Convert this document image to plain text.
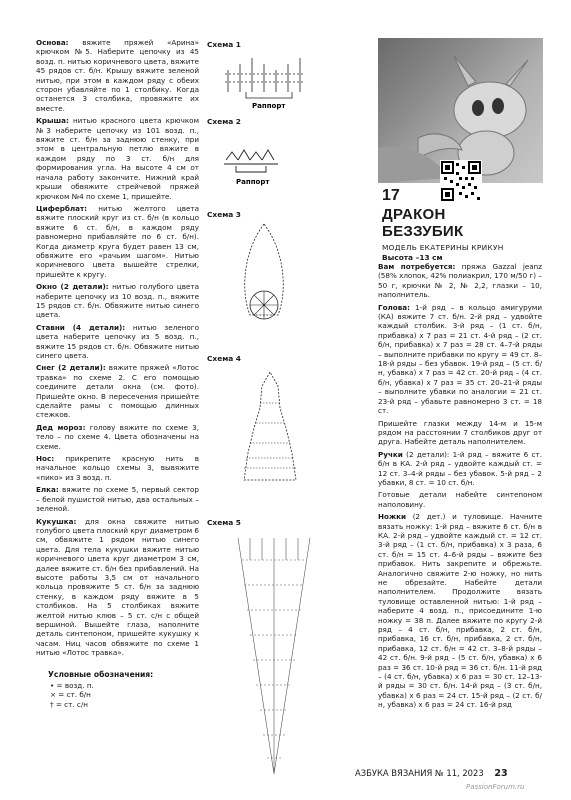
Основа: вяжите пряжей «Арина» крючком №5. Наберите цепочку из 45 возд. п. нитью коричневого цвета, вяжите 45 рядов ст. б/н. Крышу вяжите зеленой нитью, при этом в каждом ряду с обеих сторон убавляйте по 1 столбику. Когда останется 3 столбика, провяжите их вместе.
Крыша: нитью красного цвета крючком №3 наберите цепочку из 101 возд. п., вяжите ст. б/н за заднюю стенку, при этом в центральную петлю вяжите в каждом ряду по 3 ст. б/н для формирования угла. На высоте 4 см от начала работу закончите. Нижний край крыши обвяжите стрейчевой пряжей крючком №4 по схеме 1, пришейте.
Циферблат: нитью желтого цвета вяжите плоский круг из ст. б/н (в кольцо вяжите 6 ст. б/н, в каждом ряду равномерно прибавляйте по 6 ст. б/н). Когда диаметр круга будет равен 13 см, обвяжите его «рачьим шагом». Нитью коричневого цвета вышейте стрелки, пришейте к кругу.
Окно (2 детали): нитью голубого цвета наберите цепочку из 10 возд. п., вяжите 15 рядов ст. б/н. Обвяжите нитью синего цвета.
Ставни (4 детали): нитью зеленого цвета наберите цепочку из 5 возд. п., вяжите 15 рядов ст. б/н. Обвяжите нитью синего цвета.
Снег (2 детали): вяжите пряжей «Лотос травка» по схеме 2. С его помощью соедините детали окна (см. фото). Пришейте окно. В пересечения пришейте сделайте рамы с помощью длинных стежков.
Дед мороз: голову вяжите по схеме 3, тело – по схеме 4. Цвета обозначены на схеме.
Нос: прикрепите красную нить в начальное кольцо схемы 3, вывяжите «пико» из 3 возд. п.
Елка: вяжите по схеме 5, первый сектор – белой пушистой нитью, два остальных – зеленой.
Кукушка: для окна свяжите нитью голубого цвета плоский круг диаметром 6 см, обвяжите 1 рядом нитью синего цвета. Для тела кукушки вяжите нитью коричневого цвета круг диаметром 3 см, далее вяжите ст. б/н без прибавлений. На высоте работы 3,5 см от начального кольца провяжите 5 ст. б/н за заднюю стенку, в каждом ряду вяжите в 5 столбиков. На 5 столбиках вяжите желтой нитью клюв – 5 ст. с/н с общей вершиной. Вышейте глаза, наполните деталь синтепоном, пришейте кукушку к часам. Ниц часов обвяжите по схеме 1 нитью «Лотос травка».
Условные обозначения:
• = возд. п.
× = ст. б/н
† = ст. с/н
Схема 1
Схема 2
Схема 3
Схема 4
Схема 5
Раппорт
Раппорт
17
ДРАКОН
БЕЗЗУБИК
МОДЕЛЬ ЕКАТЕРИНЫ КРИКУН
Высота –13 см
Вам потребуется: пряжа Gazzal jeanz (58% хлопок, 42% полиакрил, 170 м/50 г) – 50 г, крючки № 2, № 2,2, глазки – 10, наполнитель.
Голова: 1-й ряд – в кольцо амигуруми (КА) вяжите 7 ст. б/н. 2-й ряд – удвойте каждый столбик. 3-й ряд – (1 ст. б/н, прибавка) х 7 раз = 21 ст. 4-й ряд – (2 ст. б/н, прибавка) х 7 раз = 28 ст. 4–7-й ряды – выполните прибавки по кругу = 49 ст. 8–18-й ряды – без убавок. 19-й ряд – (5 ст. б/н, убавка) х 7 раз = 42 ст. 20-й ряд – (4 ст. б/н, убавка) х 7 раз = 35 ст. 20–21-й ряды – выполните убавки по аналогии = 21 ст. 23-й ряд – убавьте равномерно 3 ст. = 18 ст.
Пришейте глазки между 14-м и 15-м рядом на расстоянии 7 столбиков друг от друга. Набейте деталь наполнителем.
Ручки (2 детали): 1-й ряд – вяжите 6 ст. б/н в КА. 2-й ряд – удвойте каждый ст. = 12 ст. 3–4-й ряды – без убавок. 5-й ряд – 2 убавки, 8 ст. = 10 ст. б/н.
Готовые детали набейте синтепоном наполовину.
Ножки (2 дет.) и туловище. Начните вязать ножку: 1-й ряд – вяжите 6 ст. б/н в КА. 2-й ряд – удвойте каждый ст. = 12 ст. 3-й ряд – (1 ст. б/н, прибавка) х 3 раза, 6 ст. б/н = 15 ст. 4–6-й ряды – вяжите без прибавок. Нить закрепите и обрежьте. Аналогично свяжите 2-ю ножку, но нить не обрезайте. Набейте детали наполнителем. Продолжите вязать туловище оставленной нитью: 1-й ряд – наберите 4 возд. п., присоедините 1-ю ножку = 38 п. Далее вяжите по кругу 2-й ряд – 4 ст. б/н, прибавка, 2 ст. б/н, прибавка, 16 ст. б/н, прибавка, 2 ст. б/н, прибавка, 12 ст. б/н = 42 ст. 3–8-й ряды – 42 ст. б/н. 9-й ряд – (5 ст. б/н, убавка) х 6 раз = 36 ст. 10-й ряд = 36 ст. б/н. 11-й ряд – (4 ст. б/н, убавка) х 6 раз = 30 ст. 12–13-й ряды = 30 ст. б/н. 14-й ряд – (3 ст. б/н, убавка) х 6 раз = 24 ст. 15-й ряд – (2 ст. б/н, убавка) х 6 раз = 24 ст. 16-й ряд
АЗБУКА ВЯЗАНИЯ № 11, 2023 23
PassionForum.ru
